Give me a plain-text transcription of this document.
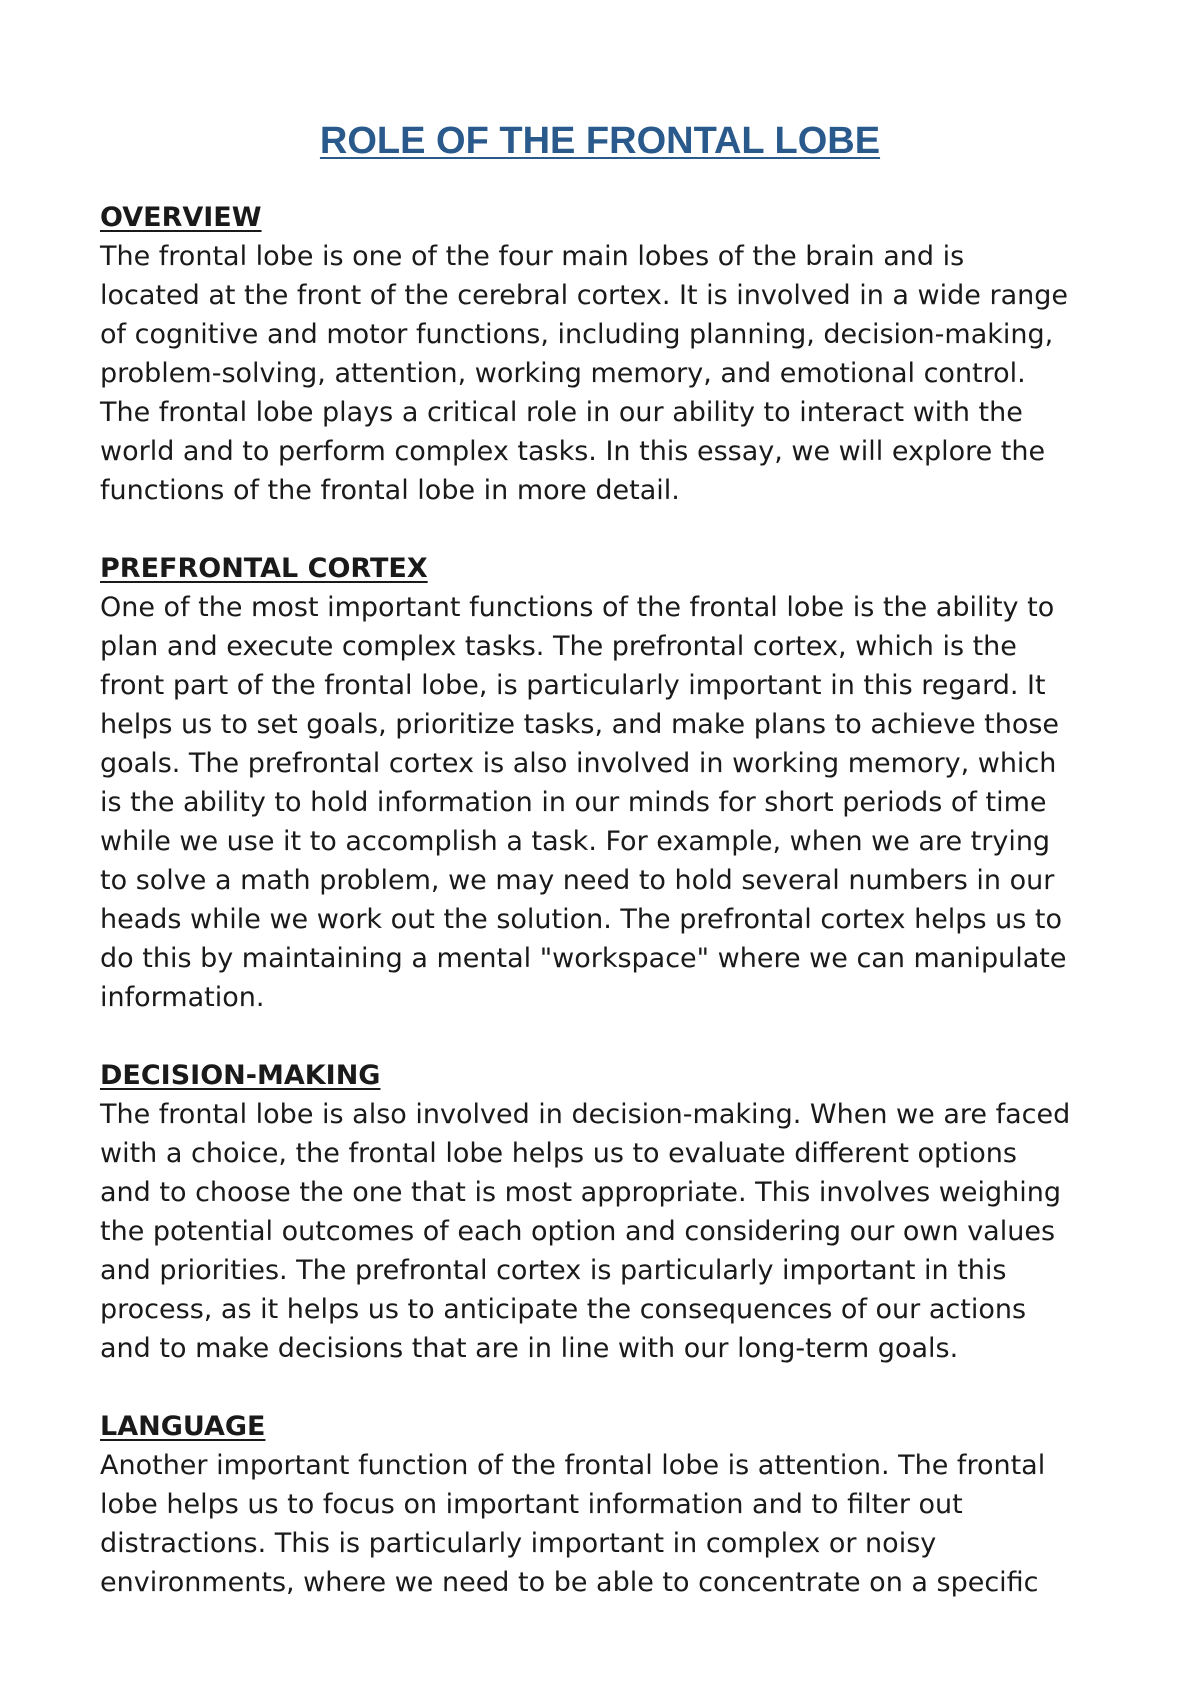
ROLE OF THE FRONTAL LOBE
OVERVIEW
The frontal lobe is one of the four main lobes of the brain and is
located at the front of the cerebral cortex. It is involved in a wide range
of cognitive and motor functions, including planning, decision-making,
problem-solving, attention, working memory, and emotional control.
The frontal lobe plays a critical role in our ability to interact with the
world and to perform complex tasks. In this essay, we will explore the
functions of the frontal lobe in more detail.
PREFRONTAL CORTEX
One of the most important functions of the frontal lobe is the ability to
plan and execute complex tasks. The prefrontal cortex, which is the
front part of the frontal lobe, is particularly important in this regard. It
helps us to set goals, prioritize tasks, and make plans to achieve those
goals. The prefrontal cortex is also involved in working memory, which
is the ability to hold information in our minds for short periods of time
while we use it to accomplish a task. For example, when we are trying
to solve a math problem, we may need to hold several numbers in our
heads while we work out the solution. The prefrontal cortex helps us to
do this by maintaining a mental "workspace" where we can manipulate
information.
DECISION-MAKING
The frontal lobe is also involved in decision-making. When we are faced
with a choice, the frontal lobe helps us to evaluate different options
and to choose the one that is most appropriate. This involves weighing
the potential outcomes of each option and considering our own values
and priorities. The prefrontal cortex is particularly important in this
process, as it helps us to anticipate the consequences of our actions
and to make decisions that are in line with our long-term goals.
LANGUAGE
Another important function of the frontal lobe is attention. The frontal
lobe helps us to focus on important information and to filter out
distractions. This is particularly important in complex or noisy
environments, where we need to be able to concentrate on a specific
